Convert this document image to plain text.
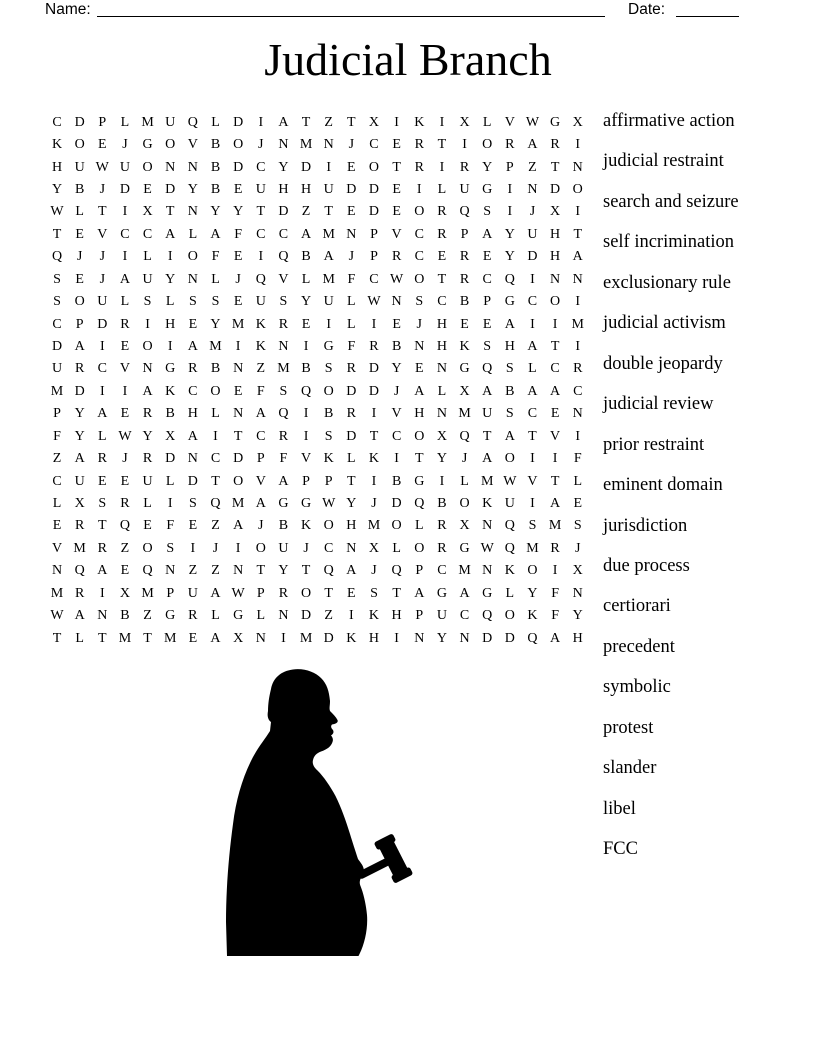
Name:	Date:
Judicial Branch
C D P	L M U Q L D	I	A T	Z	T X	I	K	I	X L V W G X
K O E	J	G O V B O	J	N M N	J	C E R T	I	O R A R	I
H U W U O N N B D C Y D	I	E O T R	I	R Y P	Z	T N
Y B	J	D E D Y B E U H H U D D E	I	L U G	I	N D O
W L	T	I	X T N Y Y T D Z	T	E D E O R Q S	I	J	X	I
T	E V C C A L A F	C C A M N P V C R	P A Y U H T
Q	J	J	I	L	I	O F	E	I	Q B A	J	P	R C E R E Y D H A
S	E	J	A U Y N L	J	Q V L M F	C W O T R C Q	I	N N
S O U L	S	L	S	S	E U S Y U L W N S	C B	P G C O	I
C	P D R	I	H E Y M K R E	I	L	I	E	J	H E	E A	I	I	M
D A	I	E O	I	A M	I	K N	I	G F	R B N H K S H A T	I
U R C V N G R B N Z M B	S	R D Y E N G Q S	L C R
M D	I	I	A K C O E	F	S Q O D D	J	A L X A B A A C
P Y A E R B H L N A Q	I	B R	I	V H N M U S	C E N
F Y L W Y X A	I	T C R	I	S D T C O X Q T A T V	I
Z A R	J	R D N C D P	F V K L K	I	T Y	J	A O	I	I	F
C U E	E U L D T O V A P	P	T	I	B G	I	L M W V T	L
L X S	R L	I	S Q M A G G W Y	J	D Q B O K U	I	A E
E R T Q E	F	E	Z A	J	B K O H M O L R X N Q S M S
V M R Z O S	I	J	I	O U	J	C N X L O R G W Q M R	J
N Q A E Q N Z	Z N T Y T Q A	J	Q P	C M N K O	I	X
M R	I	X M P U A W P	R O T	E	S	T A G A G L Y F N
W A N B Z G R L G L N D Z	I	K H P U C Q O K F Y
T	L	T M T M E A X N	I	M D K H	I	N Y N D D Q A H
affirmative action
judicial restraint
search and seizure
self incrimination
exclusionary rule
judicial activism
double jeopardy
judicial review
prior restraint
eminent domain
jurisdiction
due process
certiorari
precedent
symbolic
protest
slander
libel
FCC
